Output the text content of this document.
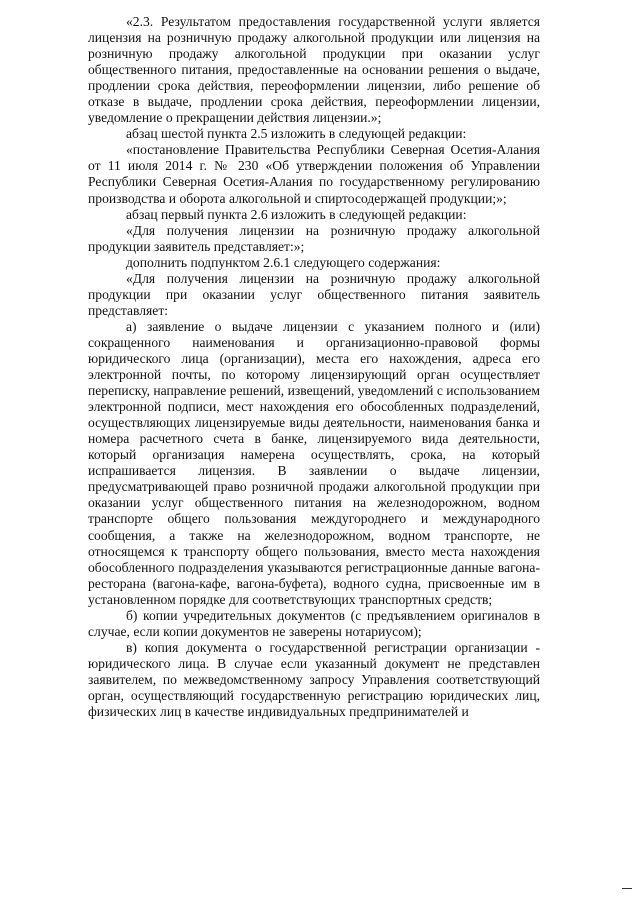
«2.3. Результатом предоставления государственной услуги является лицензия на розничную продажу алкогольной продукции или лицензия на розничную продажу алкогольной продукции при оказании услуг общественного питания, предоставленные на основании решения о выдаче, продлении срока действия, переоформлении лицензии, либо решение об отказе в выдаче, продлении срока действия, переоформлении лицензии, уведомление о прекращении действия лицензии.»;

абзац шестой пункта 2.5 изложить в следующей редакции:

«постановление Правительства Республики Северная Осетия-Алания от 11 июля 2014 г. № 230 «Об утверждении положения об Управлении Республики Северная Осетия-Алания по государственному регулированию производства и оборота алкогольной и спиртосодержащей продукции;»;

абзац первый пункта 2.6 изложить в следующей редакции:

«Для получения лицензии на розничную продажу алкогольной продукции заявитель представляет:»;

дополнить подпунктом 2.6.1 следующего содержания:

«Для получения лицензии на розничную продажу алкогольной продукции при оказании услуг общественного питания заявитель представляет:

а) заявление о выдаче лицензии с указанием полного и (или) сокращенного наименования и организационно-правовой формы юридического лица (организации), места его нахождения, адреса его электронной почты, по которому лицензирующий орган осуществляет переписку, направление решений, извещений, уведомлений с использованием электронной подписи, мест нахождения его обособленных подразделений, осуществляющих лицензируемые виды деятельности, наименования банка и номера расчетного счета в банке, лицензируемого вида деятельности, который организация намерена осуществлять, срока, на который испрашивается лицензия. В заявлении о выдаче лицензии, предусматривающей право розничной продажи алкогольной продукции при оказании услуг общественного питания на железнодорожном, водном транспорте общего пользования междугороднего и международного сообщения, а также на железнодорожном, водном транспорте, не относящемся к транспорту общего пользования, вместо места нахождения обособленного подразделения указываются регистрационные данные вагона-ресторана (вагона-кафе, вагона-буфета), водного судна, присвоенные им в установленном порядке для соответствующих транспортных средств;

б) копии учредительных документов (с предъявлением оригиналов в случае, если копии документов не заверены нотариусом);

в) копия документа о государственной регистрации организации - юридического лица. В случае если указанный документ не представлен заявителем, по межведомственному запросу Управления соответствующий орган, осуществляющий государственную регистрацию юридических лиц, физических лиц в качестве индивидуальных предпринимателей и
